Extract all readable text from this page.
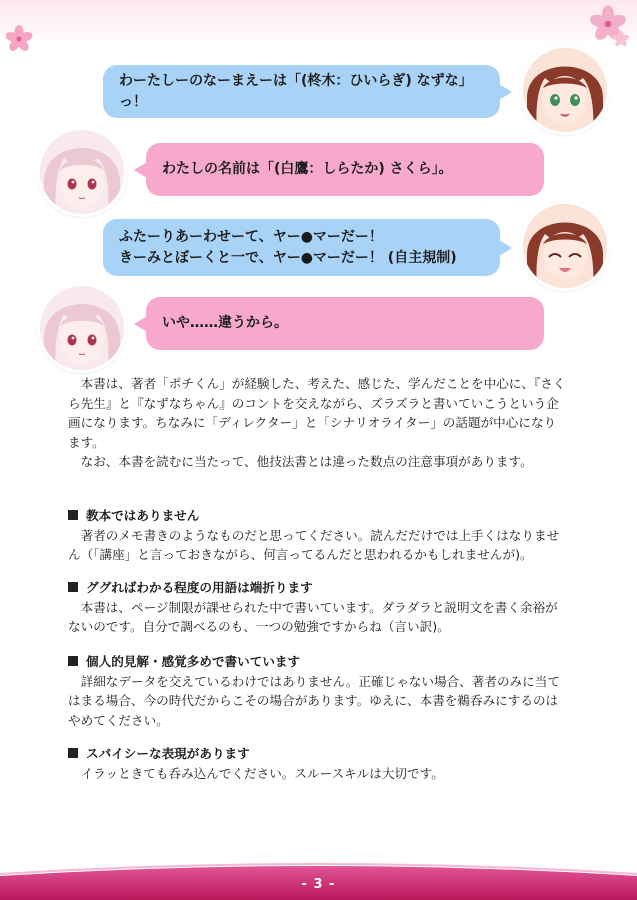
わーたしーのなーまえーは「(柊木：ひいらぎ) なずな」っ！
わたしの名前は「(白鷹：しらたか) さくら」。
ふたーりあーわせーて、ヤー●マーだー！
きーみとぼーくと一で、ヤー●マーだー！ (自主規制)
いや……違うから。

本書は、著者「ポチくん」が経験した、考えた、感じた、学んだことを中心に、『さくら先生』と『なずなちゃん』のコントを交えながら、ズラズラと書いていこうという企画になります。ちなみに「ディレクター」と「シナリオライター」の話題が中心になります。

なお、本書を読むに当たって、他技法書とは違った数点の注意事項があります。

教本ではありません

著者のメモ書きのようなものだと思ってください。読んだだけでは上手くはなりません（「講座」と言っておきながら、何言ってるんだと思われるかもしれませんが)。

ググればわかる程度の用語は端折ります

本書は、ページ制限が課せられた中で書いています。ダラダラと説明文を書く余裕がないのです。自分で調べるのも、一つの勉強ですからね（言い訳)。

個人的見解・感覚多めで書いています

詳細なデータを交えているわけではありません。正確じゃない場合、著者のみに当てはまる場合、今の時代だからこその場合があります。ゆえに、本書を鵜呑みにするのはやめてください。

スパイシーな表現があります

イラッときても呑み込んでください。スルースキルは大切です。

- 3 -
